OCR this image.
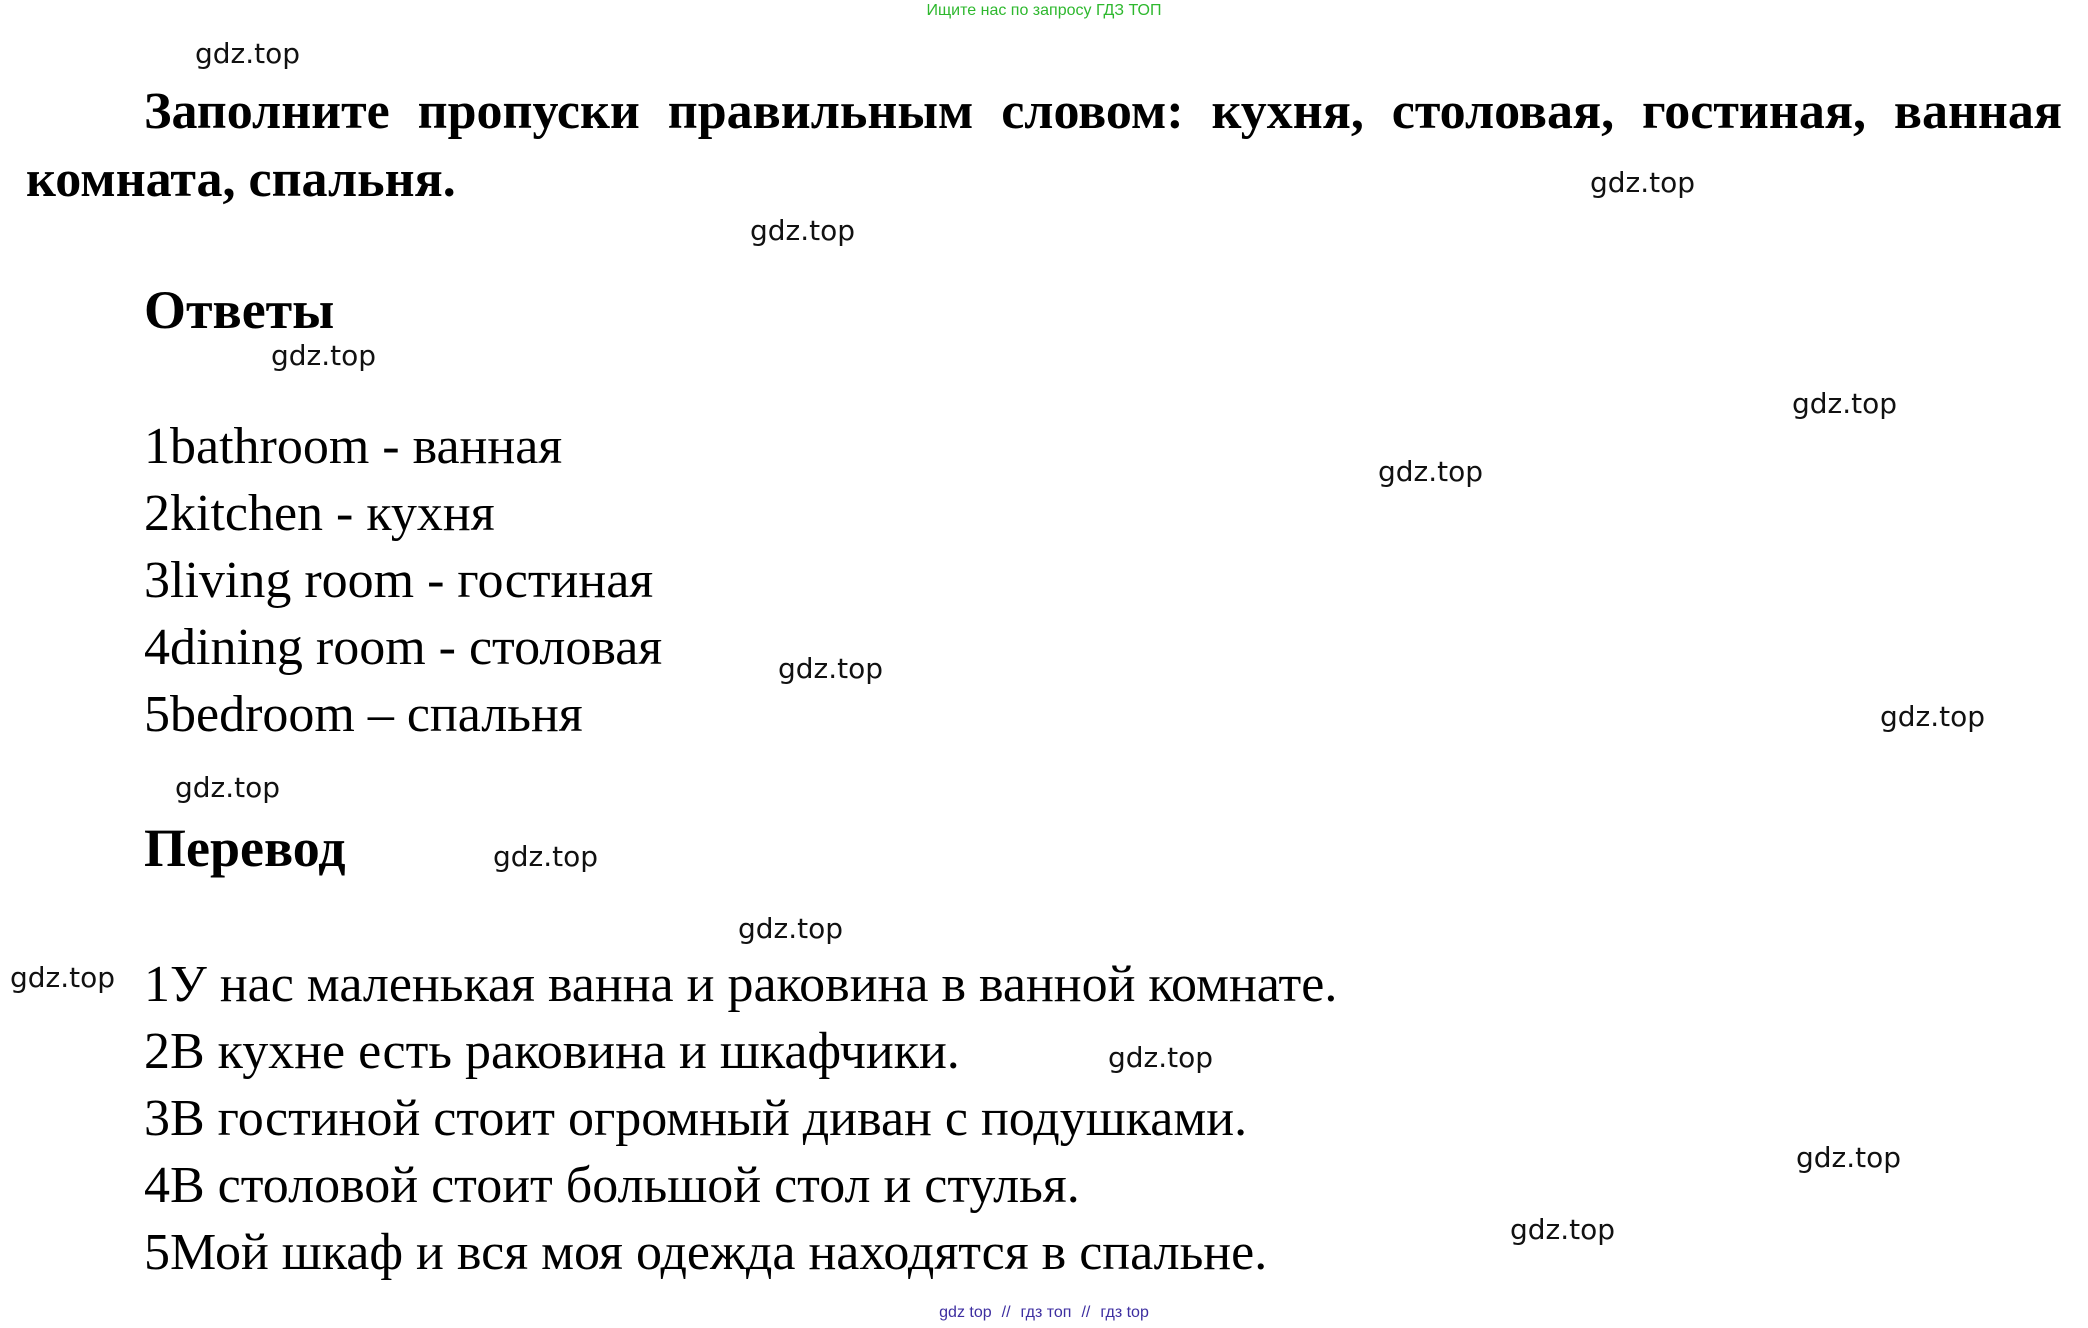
Ищите нас по запросу ГДЗ ТОП
Заполните пропуски правильным словом: кухня, столовая, гостиная, ванная комната, спальня.
Ответы
1bathroom - ванная
2kitchen - кухня
3living room - гостиная
4dining room - столовая
5bedroom – спальня
Перевод
1У нас маленькая ванна и раковина в ванной комнате.
2В кухне есть раковина и шкафчики.
3В гостиной стоит огромный диван с подушками.
4В столовой стоит большой стол и стулья.
5Мой шкаф и вся моя одежда находятся в спальне.
gdz.top
gdz.top
gdz.top
gdz.top
gdz.top
gdz.top
gdz.top
gdz.top
gdz.top
gdz.top
gdz.top
gdz.top
gdz.top
gdz.top
gdz.top
gdz top // гдз топ // гдз top
